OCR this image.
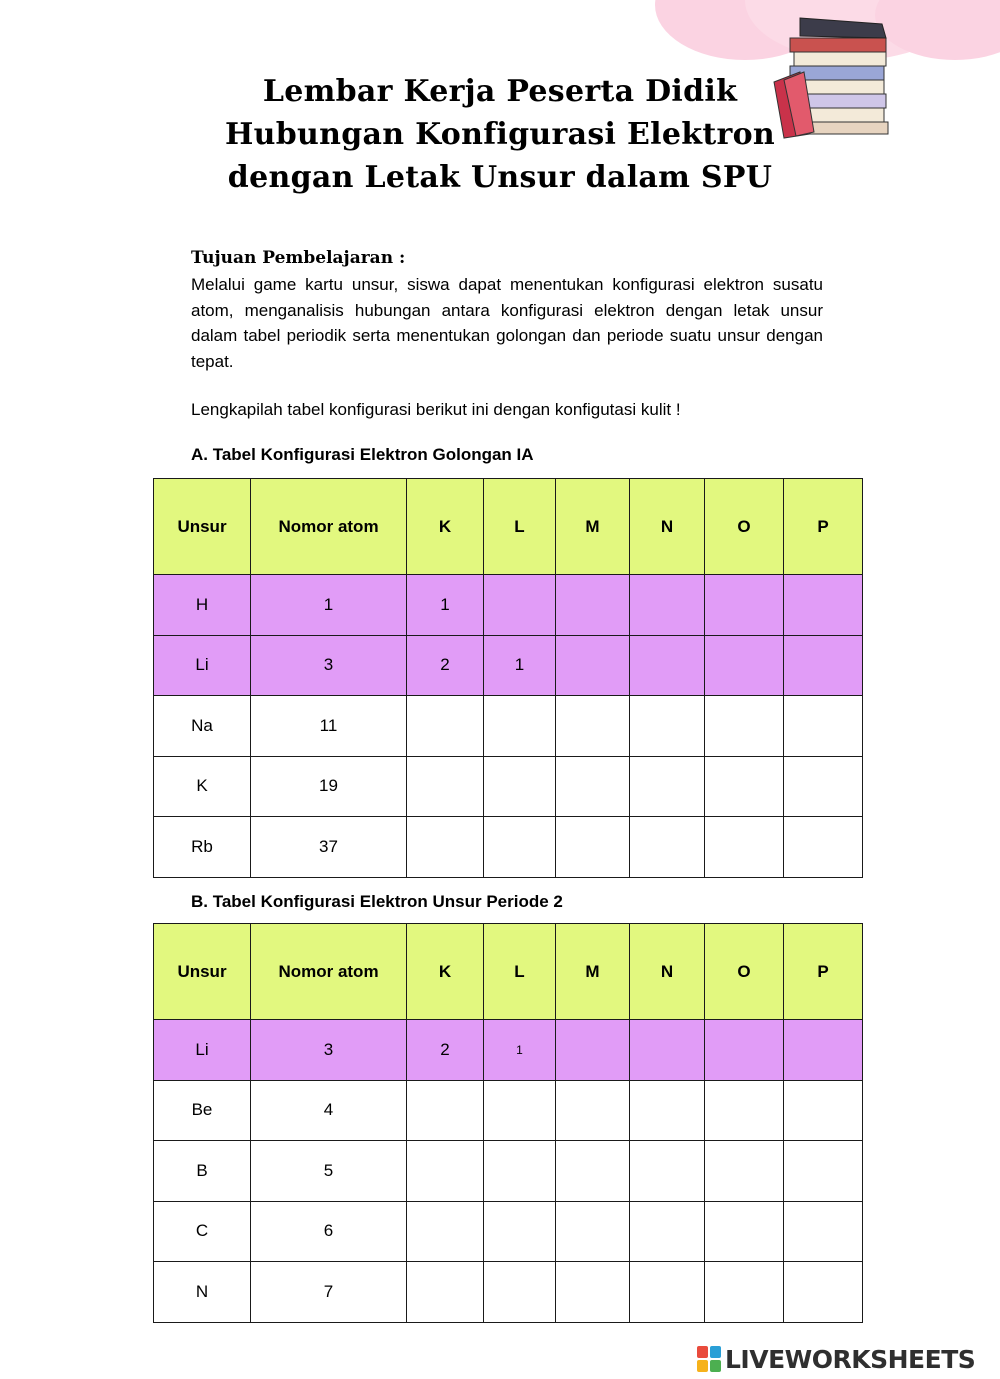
Lembar Kerja Peserta Didik
Hubungan Konfigurasi Elektron
dengan Letak Unsur dalam SPU
Tujuan Pembelajaran :
Melalui game kartu unsur, siswa dapat menentukan konfigurasi elektron susatu atom, menganalisis hubungan antara konfigurasi elektron dengan letak unsur dalam tabel periodik serta menentukan golongan dan periode suatu unsur dengan tepat.
Lengkapilah tabel konfigurasi berikut ini dengan konfigutasi kulit !
A. Tabel Konfigurasi Elektron Golongan IA
Unsur	Nomor atom	K	L	M	N	O	P
H	1	1					
Li	3	2	1				
Na	11						
K	19						
Rb	37						
B. Tabel Konfigurasi Elektron Unsur Periode 2
Unsur	Nomor atom	K	L	M	N	O	P
Li	3	2	1				
Be	4						
B	5						
C	6						
N	7						
LIVEWORKSHEETS
